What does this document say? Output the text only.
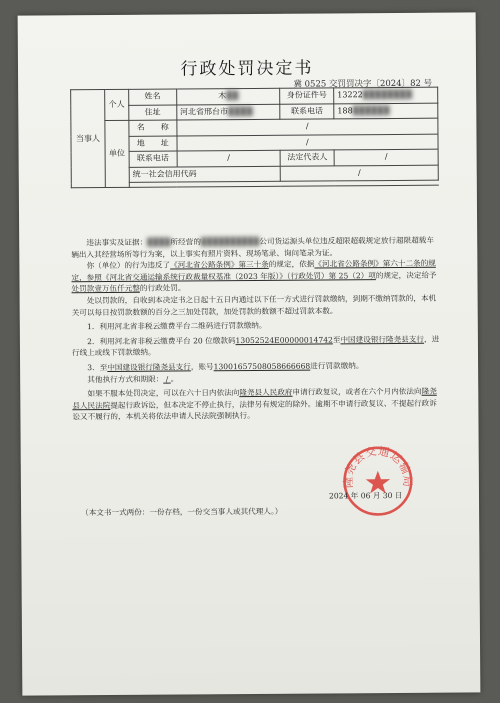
行政处罚决定书
冀 0525 交罚罚决字〔2024〕82 号
当事人	个人	姓名	木██	身份证件号	13222████████
		住址	河北省邢台市████	联系电话	188██████

	单位	名　　称	/		
		地　　址	/		
		联系电话	/	法定代表人	/
		统一社会信用代码		/	

违法事实及证据：████所经营的██████████公司货运源头单位违反超限超载规定放行超限超载车辆出入其经营场所等行为案，以上事实有照片资料、现场笔录、询问笔录为证。

你（单位）的行为违反了《河北省公路条例》第三十条的规定，依据《河北省公路条例》第六十二条的规定，参照《河北省交通运输系统行政裁量权基准（2023 年版）》（行政处罚）第 25（2）项的规定，决定给予处罚款壹万伍仟元整的行政处罚。

处以罚款的，自收到本决定书之日起十五日内通过以下任一方式进行罚款缴纳，到期不缴纳罚款的，本机关可以每日按罚款数额的百分之三加处罚款，加处罚款的数额不超过罚款本数。

1．利用河北省非税云缴费平台二维码进行罚款缴纳。

2．利用河北省非税云缴费平台 20 位缴款码13052524E00000014742至中国建设银行隆尧县支行，进行线上或线下罚款缴纳。

3．至中国建设银行隆尧县支行，账号13001657508058666668进行罚款缴纳。

其他执行方式和期限： / 。

如果不服本处罚决定，可以在六十日内依法向隆尧县人民政府申请行政复议，或者在六个月内依法向隆尧县人民法院提起行政诉讼，但本决定不停止执行，法律另有规定的除外。逾期不申请行政复议、不提起行政诉讼又不履行的，本机关将依法申请人民法院强制执行。

隆尧县交通运输局
2024 年 06 月 30 日
（本文书一式两份：一份存档，一份交当事人或其代理人。）
